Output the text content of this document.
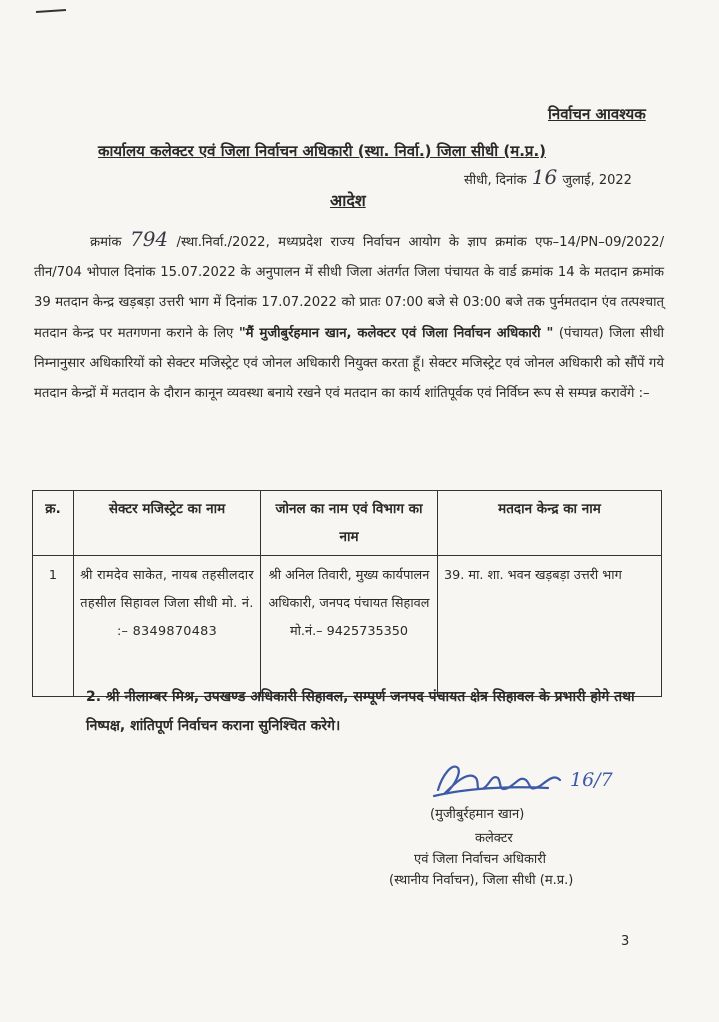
निर्वाचन आवश्यक
कार्यालय कलेक्टर एवं जिला निर्वाचन अधिकारी (स्था. निर्वा.) जिला सीधी (म.प्र.)
सीधी, दिनांक 16 जुलाई, 2022
आदेश
क्रमांक 794 /स्था.निर्वा./2022, मध्यप्रदेश राज्य निर्वाचन आयोग के ज्ञाप क्रमांक एफ–14/PN–09/2022/तीन/704 भोपाल दिनांक 15.07.2022 के अनुपालन में सीधी जिला अंतर्गत जिला पंचायत के वार्ड क्रमांक 14 के मतदान क्रमांक 39 मतदान केन्द्र खड़बड़ा उत्तरी भाग में दिनांक 17.07.2022 को प्रातः 07:00 बजे से 03:00 बजे तक पुर्नमतदान एंव तत्पश्चात् मतदान केन्द्र पर मतगणना कराने के लिए "मैं मुजीबुर्रहमान खान, कलेक्टर एवं जिला निर्वाचन अधिकारी " (पंचायत) जिला सीधी निम्नानुसार अधिकारियों को सेक्टर मजिस्ट्रेट एवं जोनल अधिकारी नियुक्त करता हूँ। सेक्टर मजिस्ट्रेट एवं जोनल अधिकारी को सौंपें गये मतदान केन्द्रों में मतदान के दौरान कानून व्यवस्था बनाये रखने एवं मतदान का कार्य शांतिपूर्वक एवं निर्विघ्न रूप से सम्पन्न करावेंगे :–
क्र.	सेक्टर मजिस्ट्रेट का नाम	जोनल का नाम एवं विभाग का नाम	मतदान केन्द्र का नाम
1	श्री रामदेव साकेत, नायब तहसीलदार तहसील सिहावल जिला सीधी मो. नं. :– 8349870483	श्री अनिल तिवारी, मुख्य कार्यपालन अधिकारी, जनपद पंचायत सिहावल मो.नं.– 9425735350	39. मा. शा. भवन खड़बड़ा उत्तरी भाग
2. श्री नीलाम्बर मिश्र, उपखण्ड अधिकारी सिहावल, सम्पूर्ण जनपद पंचायत क्षेत्र सिहावल के प्रभारी होगे तथा निष्पक्ष, शांतिपूर्ण निर्वाचन कराना सुनिश्चित करेगे।
16/7
(मुजीबुर्रहमान खान)
कलेक्टर
एवं जिला निर्वाचन अधिकारी
(स्थानीय निर्वाचन), जिला सीधी (म.प्र.)
3
